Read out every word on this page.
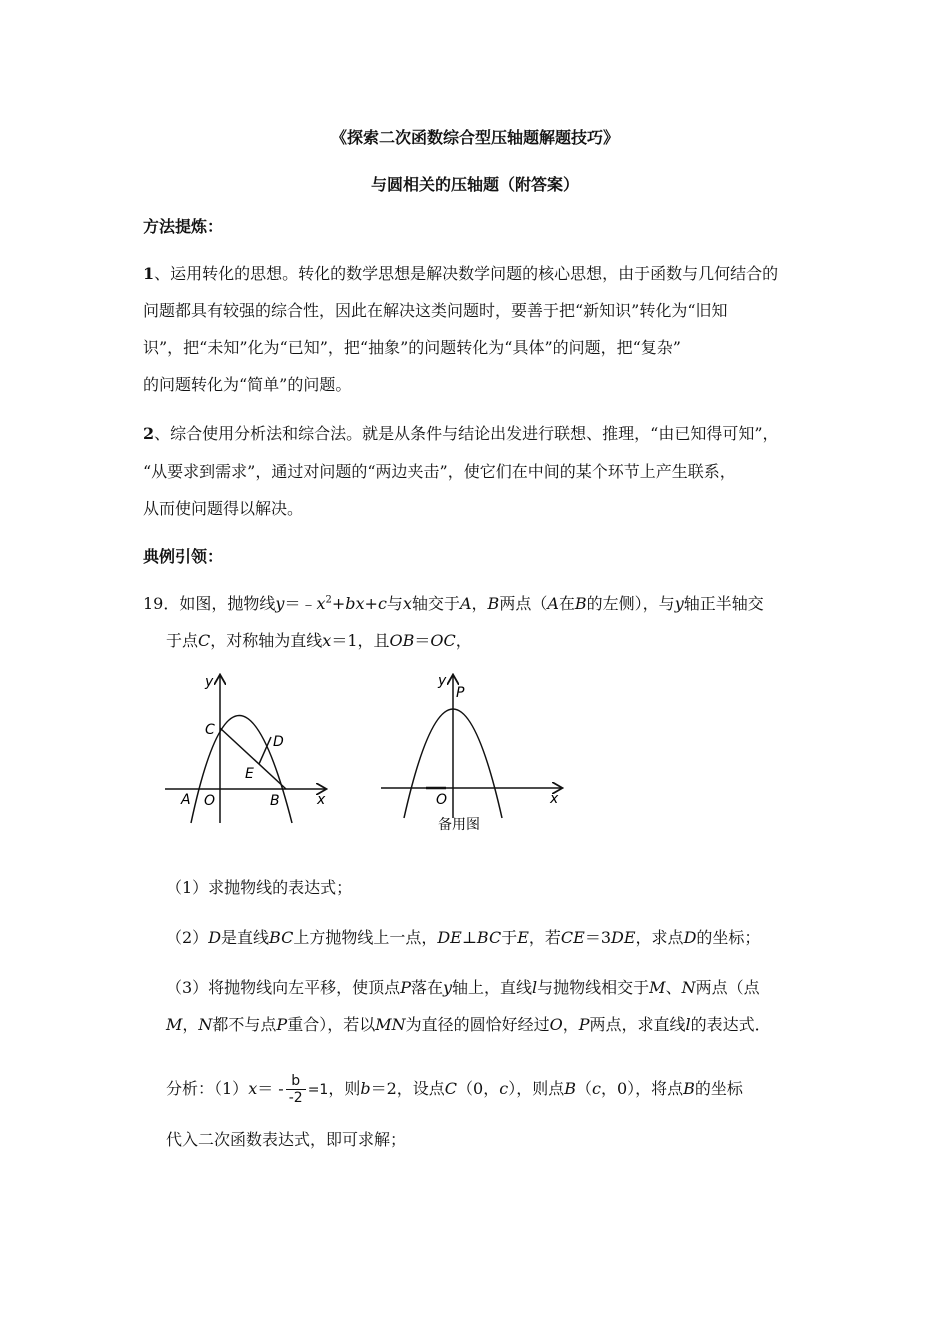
《探索二次函数综合型压轴题解题技巧》
与圆相关的压轴题（附答案）
方法提炼：
1、运用转化的思想。转化的数学思想是解决数学问题的核心思想，由于函数与几何结合的
问题都具有较强的综合性，因此在解决这类问题时，要善于把“新知识”转化为“旧知
识”，把“未知”化为“已知”，把“抽象”的问题转化为“具体”的问题，把“复杂”
的问题转化为“简单”的问题。
2、综合使用分析法和综合法。就是从条件与结论出发进行联想、推理，“由已知得可知”，
“从要求到需求”，通过对问题的“两边夹击”，使它们在中间的某个环节上产生联系，
从而使问题得以解决。
典例引领：
19．如图，抛物线$y=﹣x^2+bx+c$与x轴交于A，B两点（A在B的左侧），与y轴正半轴交
于点C，对称轴为直线x＝1，且OB＝OC，
y
x
C
D
E
A O	B
y
P
x
O
备用图
（1）求抛物线的表达式；
（2）D是直线BC上方抛物线上一点，DE⊥BC于E，若CE＝3DE，求点D的坐标；
（3）将抛物线向左平移，使顶点P落在y轴上，直线l与抛物线相交于M、N两点（点
M，N都不与点P重合），若以MN为直径的圆恰好经过O，P两点，求直线l的表达式．
分析：$(1)x= - \frac{b}{-2} =1$，则b＝2，设点C（0，c），则点B（c，0），将点B的坐标
代入二次函数表达式，即可求解；
